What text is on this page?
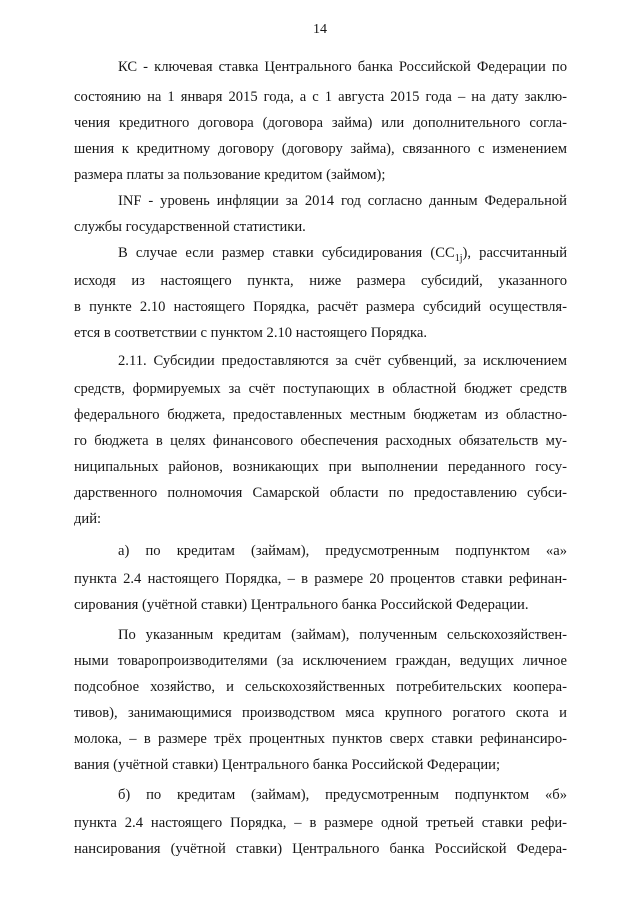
14
КС - ключевая ставка Центрального банка Российской Федерации по
состоянию на 1 января 2015 года, а с 1 августа 2015 года – на дату заклю-
чения кредитного договора (договора займа) или дополнительного согла-
шения к кредитному договору (договору займа), связанного с изменением
размера платы за пользование кредитом (займом);
INF - уровень инфляции за 2014 год согласно данным Федеральной
службы государственной статистики.
В случае если размер ставки субсидирования $(СС_{1j})$, рассчитанный
исходя из настоящего пункта, ниже размера субсидий, указанного
в пункте 2.10 настоящего Порядка, расчёт размера субсидий осуществля-
ется в соответствии с пунктом 2.10 настоящего Порядка.
2.11. Субсидии предоставляются за счёт субвенций, за исключением
средств, формируемых за счёт поступающих в областной бюджет средств
федерального бюджета, предоставленных местным бюджетам из областно-
го бюджета в целях финансового обеспечения расходных обязательств му-
ниципальных районов, возникающих при выполнении переданного госу-
дарственного полномочия Самарской области по предоставлению субси-
дий:
а) по кредитам (займам), предусмотренным подпунктом «а»
пункта 2.4 настоящего Порядка, – в размере 20 процентов ставки рефинан-
сирования (учётной ставки) Центрального банка Российской Федерации.
По указанным кредитам (займам), полученным сельскохозяйствен-
ными товаропроизводителями (за исключением граждан, ведущих личное
подсобное хозяйство, и сельскохозяйственных потребительских коопера-
тивов), занимающимися производством мяса крупного рогатого скота и
молока, – в размере трёх процентных пунктов сверх ставки рефинансиро-
вания (учётной ставки) Центрального банка Российской Федерации;
б) по кредитам (займам), предусмотренным подпунктом «б»
пункта 2.4 настоящего Порядка, – в размере одной третьей ставки рефи-
нансирования (учётной ставки) Центрального банка Российской Федера-
